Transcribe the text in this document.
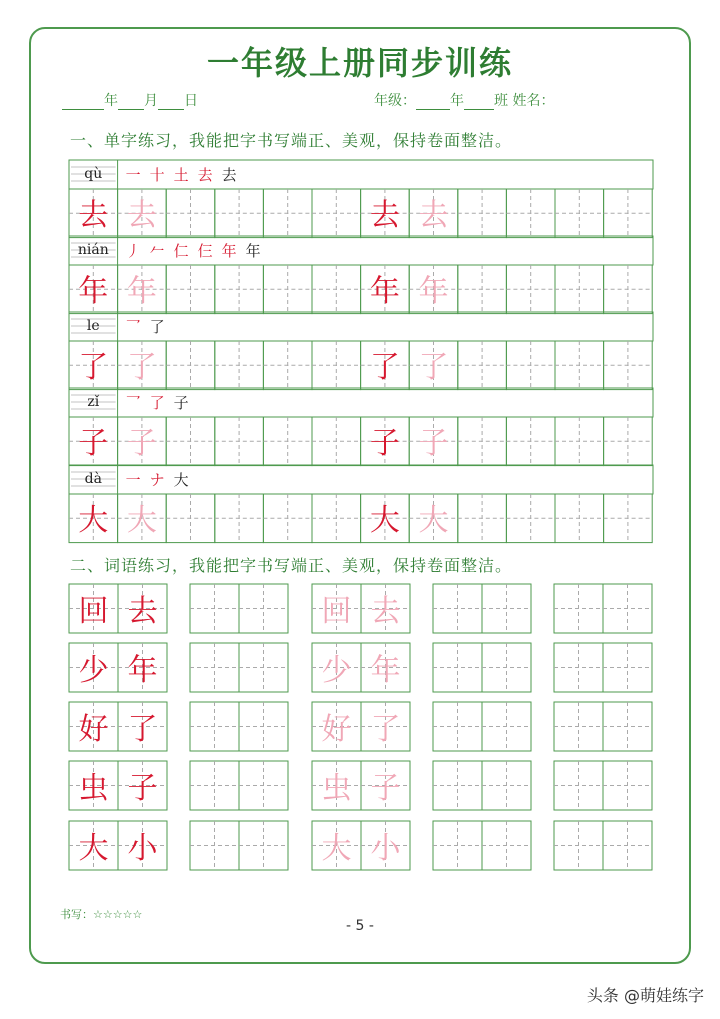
一年级上册同步训练
年 月 日	年级： 年 班 姓名：
一、单字练习，我能把字书写端正、美观，保持卷面整洁。
qù 一 十 土 去 去
去 去	去 去
nián 丿 𠂉 仁 仨 年 年
年 年	年 年
le 乛 了
了 了	了 了
zǐ 乛 了 子
子 子	子 子
dà 一 ナ 大
大 大	大 大
回 去	回 去
少 年	少 年
好 了	好 了
虫 子	虫 子
大 小	大 小
二、词语练习，我能把字书写端正、美观，保持卷面整洁。
书写：☆☆☆☆☆
- 5 -
头条 @萌娃练字
